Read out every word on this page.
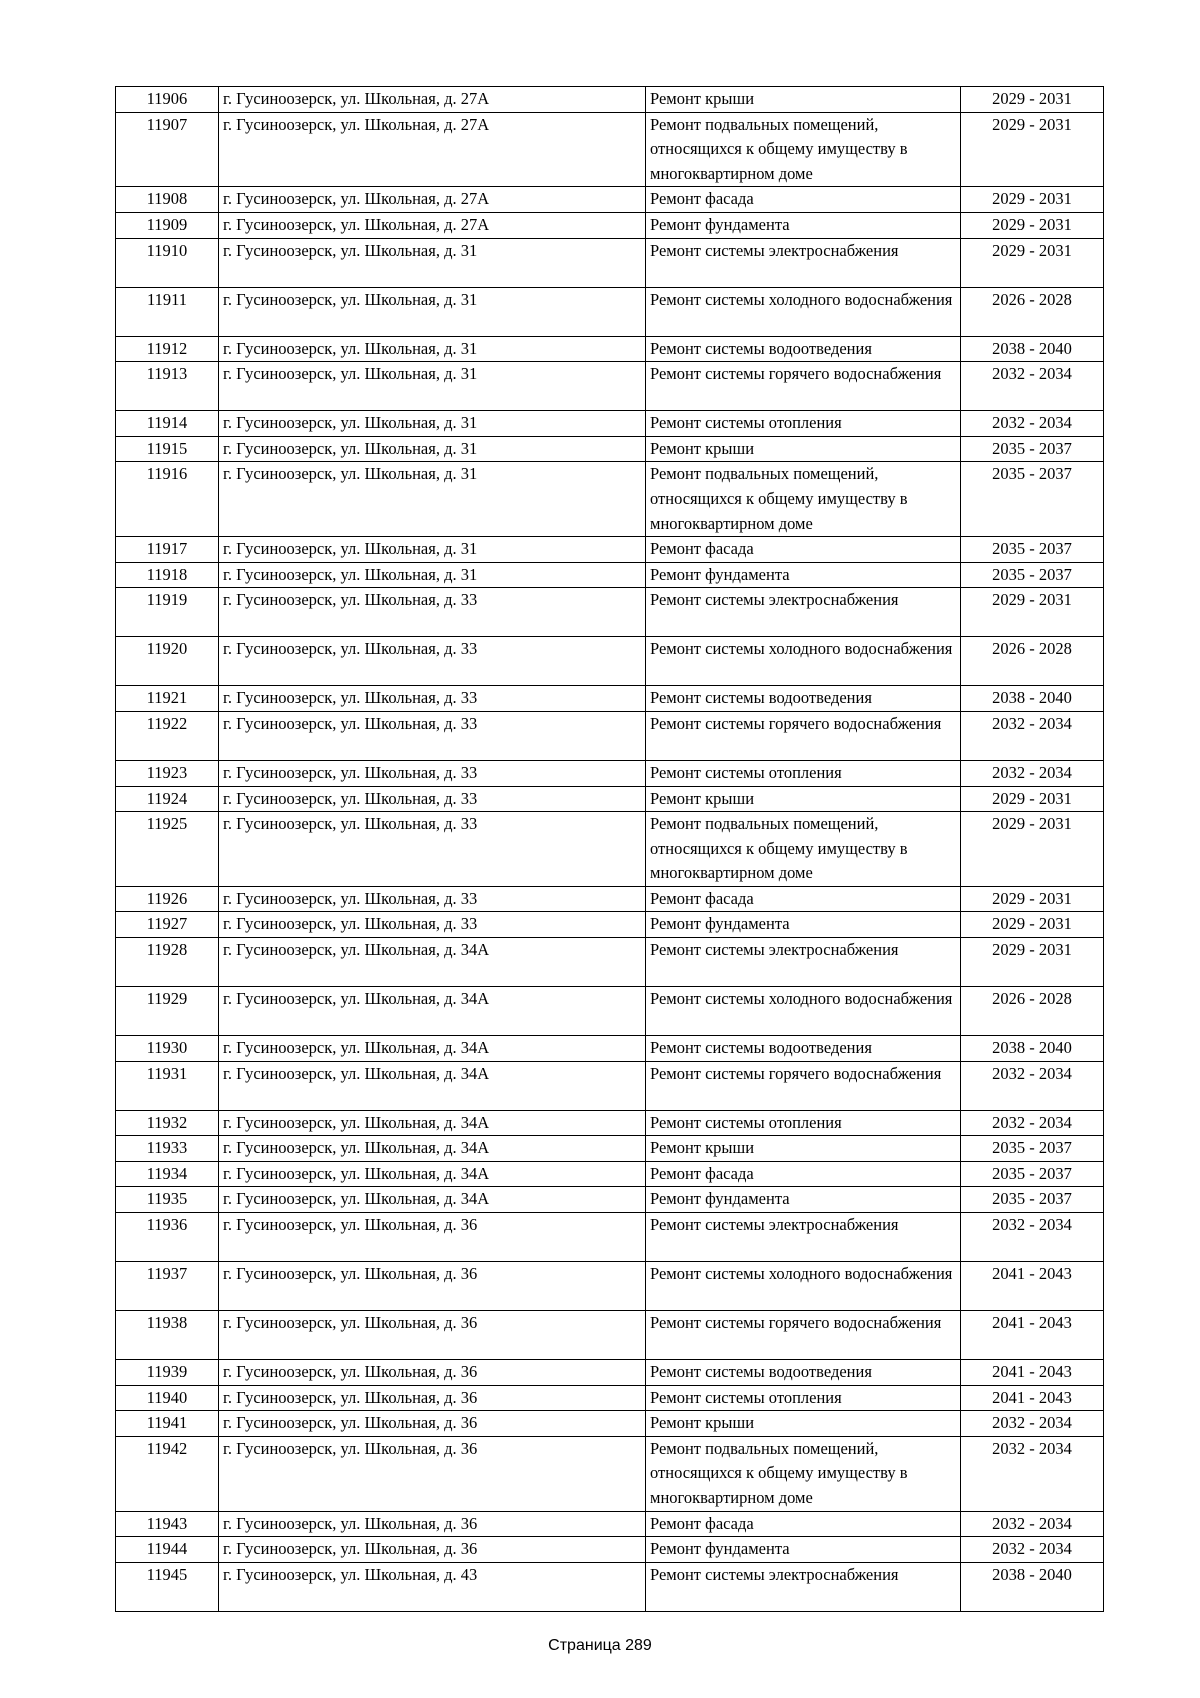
11906	г. Гусиноозерск, ул. Школьная, д. 27А	Ремонт крыши	2029 - 2031
11907	г. Гусиноозерск, ул. Школьная, д. 27А	Ремонт подвальных помещений, относящихся к общему имуществу в многоквартирном доме	2029 - 2031
11908	г. Гусиноозерск, ул. Школьная, д. 27А	Ремонт фасада	2029 - 2031
11909	г. Гусиноозерск, ул. Школьная, д. 27А	Ремонт фундамента	2029 - 2031
11910	г. Гусиноозерск, ул. Школьная, д. 31	Ремонт системы электроснабжения	2029 - 2031
11911	г. Гусиноозерск, ул. Школьная, д. 31	Ремонт системы холодного водоснабжения	2026 - 2028
11912	г. Гусиноозерск, ул. Школьная, д. 31	Ремонт системы водоотведения	2038 - 2040
11913	г. Гусиноозерск, ул. Школьная, д. 31	Ремонт системы горячего водоснабжения	2032 - 2034
11914	г. Гусиноозерск, ул. Школьная, д. 31	Ремонт системы отопления	2032 - 2034
11915	г. Гусиноозерск, ул. Школьная, д. 31	Ремонт крыши	2035 - 2037
11916	г. Гусиноозерск, ул. Школьная, д. 31	Ремонт подвальных помещений, относящихся к общему имуществу в многоквартирном доме	2035 - 2037
11917	г. Гусиноозерск, ул. Школьная, д. 31	Ремонт фасада	2035 - 2037
11918	г. Гусиноозерск, ул. Школьная, д. 31	Ремонт фундамента	2035 - 2037
11919	г. Гусиноозерск, ул. Школьная, д. 33	Ремонт системы электроснабжения	2029 - 2031
11920	г. Гусиноозерск, ул. Школьная, д. 33	Ремонт системы холодного водоснабжения	2026 - 2028
11921	г. Гусиноозерск, ул. Школьная, д. 33	Ремонт системы водоотведения	2038 - 2040
11922	г. Гусиноозерск, ул. Школьная, д. 33	Ремонт системы горячего водоснабжения	2032 - 2034
11923	г. Гусиноозерск, ул. Школьная, д. 33	Ремонт системы отопления	2032 - 2034
11924	г. Гусиноозерск, ул. Школьная, д. 33	Ремонт крыши	2029 - 2031
11925	г. Гусиноозерск, ул. Школьная, д. 33	Ремонт подвальных помещений, относящихся к общему имуществу в многоквартирном доме	2029 - 2031
11926	г. Гусиноозерск, ул. Школьная, д. 33	Ремонт фасада	2029 - 2031
11927	г. Гусиноозерск, ул. Школьная, д. 33	Ремонт фундамента	2029 - 2031
11928	г. Гусиноозерск, ул. Школьная, д. 34А	Ремонт системы электроснабжения	2029 - 2031
11929	г. Гусиноозерск, ул. Школьная, д. 34А	Ремонт системы холодного водоснабжения	2026 - 2028
11930	г. Гусиноозерск, ул. Школьная, д. 34А	Ремонт системы водоотведения	2038 - 2040
11931	г. Гусиноозерск, ул. Школьная, д. 34А	Ремонт системы горячего водоснабжения	2032 - 2034
11932	г. Гусиноозерск, ул. Школьная, д. 34А	Ремонт системы отопления	2032 - 2034
11933	г. Гусиноозерск, ул. Школьная, д. 34А	Ремонт крыши	2035 - 2037
11934	г. Гусиноозерск, ул. Школьная, д. 34А	Ремонт фасада	2035 - 2037
11935	г. Гусиноозерск, ул. Школьная, д. 34А	Ремонт фундамента	2035 - 2037
11936	г. Гусиноозерск, ул. Школьная, д. 36	Ремонт системы электроснабжения	2032 - 2034
11937	г. Гусиноозерск, ул. Школьная, д. 36	Ремонт системы холодного водоснабжения	2041 - 2043
11938	г. Гусиноозерск, ул. Школьная, д. 36	Ремонт системы горячего водоснабжения	2041 - 2043
11939	г. Гусиноозерск, ул. Школьная, д. 36	Ремонт системы водоотведения	2041 - 2043
11940	г. Гусиноозерск, ул. Школьная, д. 36	Ремонт системы отопления	2041 - 2043
11941	г. Гусиноозерск, ул. Школьная, д. 36	Ремонт крыши	2032 - 2034
11942	г. Гусиноозерск, ул. Школьная, д. 36	Ремонт подвальных помещений, относящихся к общему имуществу в многоквартирном доме	2032 - 2034
11943	г. Гусиноозерск, ул. Школьная, д. 36	Ремонт фасада	2032 - 2034
11944	г. Гусиноозерск, ул. Школьная, д. 36	Ремонт фундамента	2032 - 2034
11945	г. Гусиноозерск, ул. Школьная, д. 43	Ремонт системы электроснабжения	2038 - 2040
Страница 289
